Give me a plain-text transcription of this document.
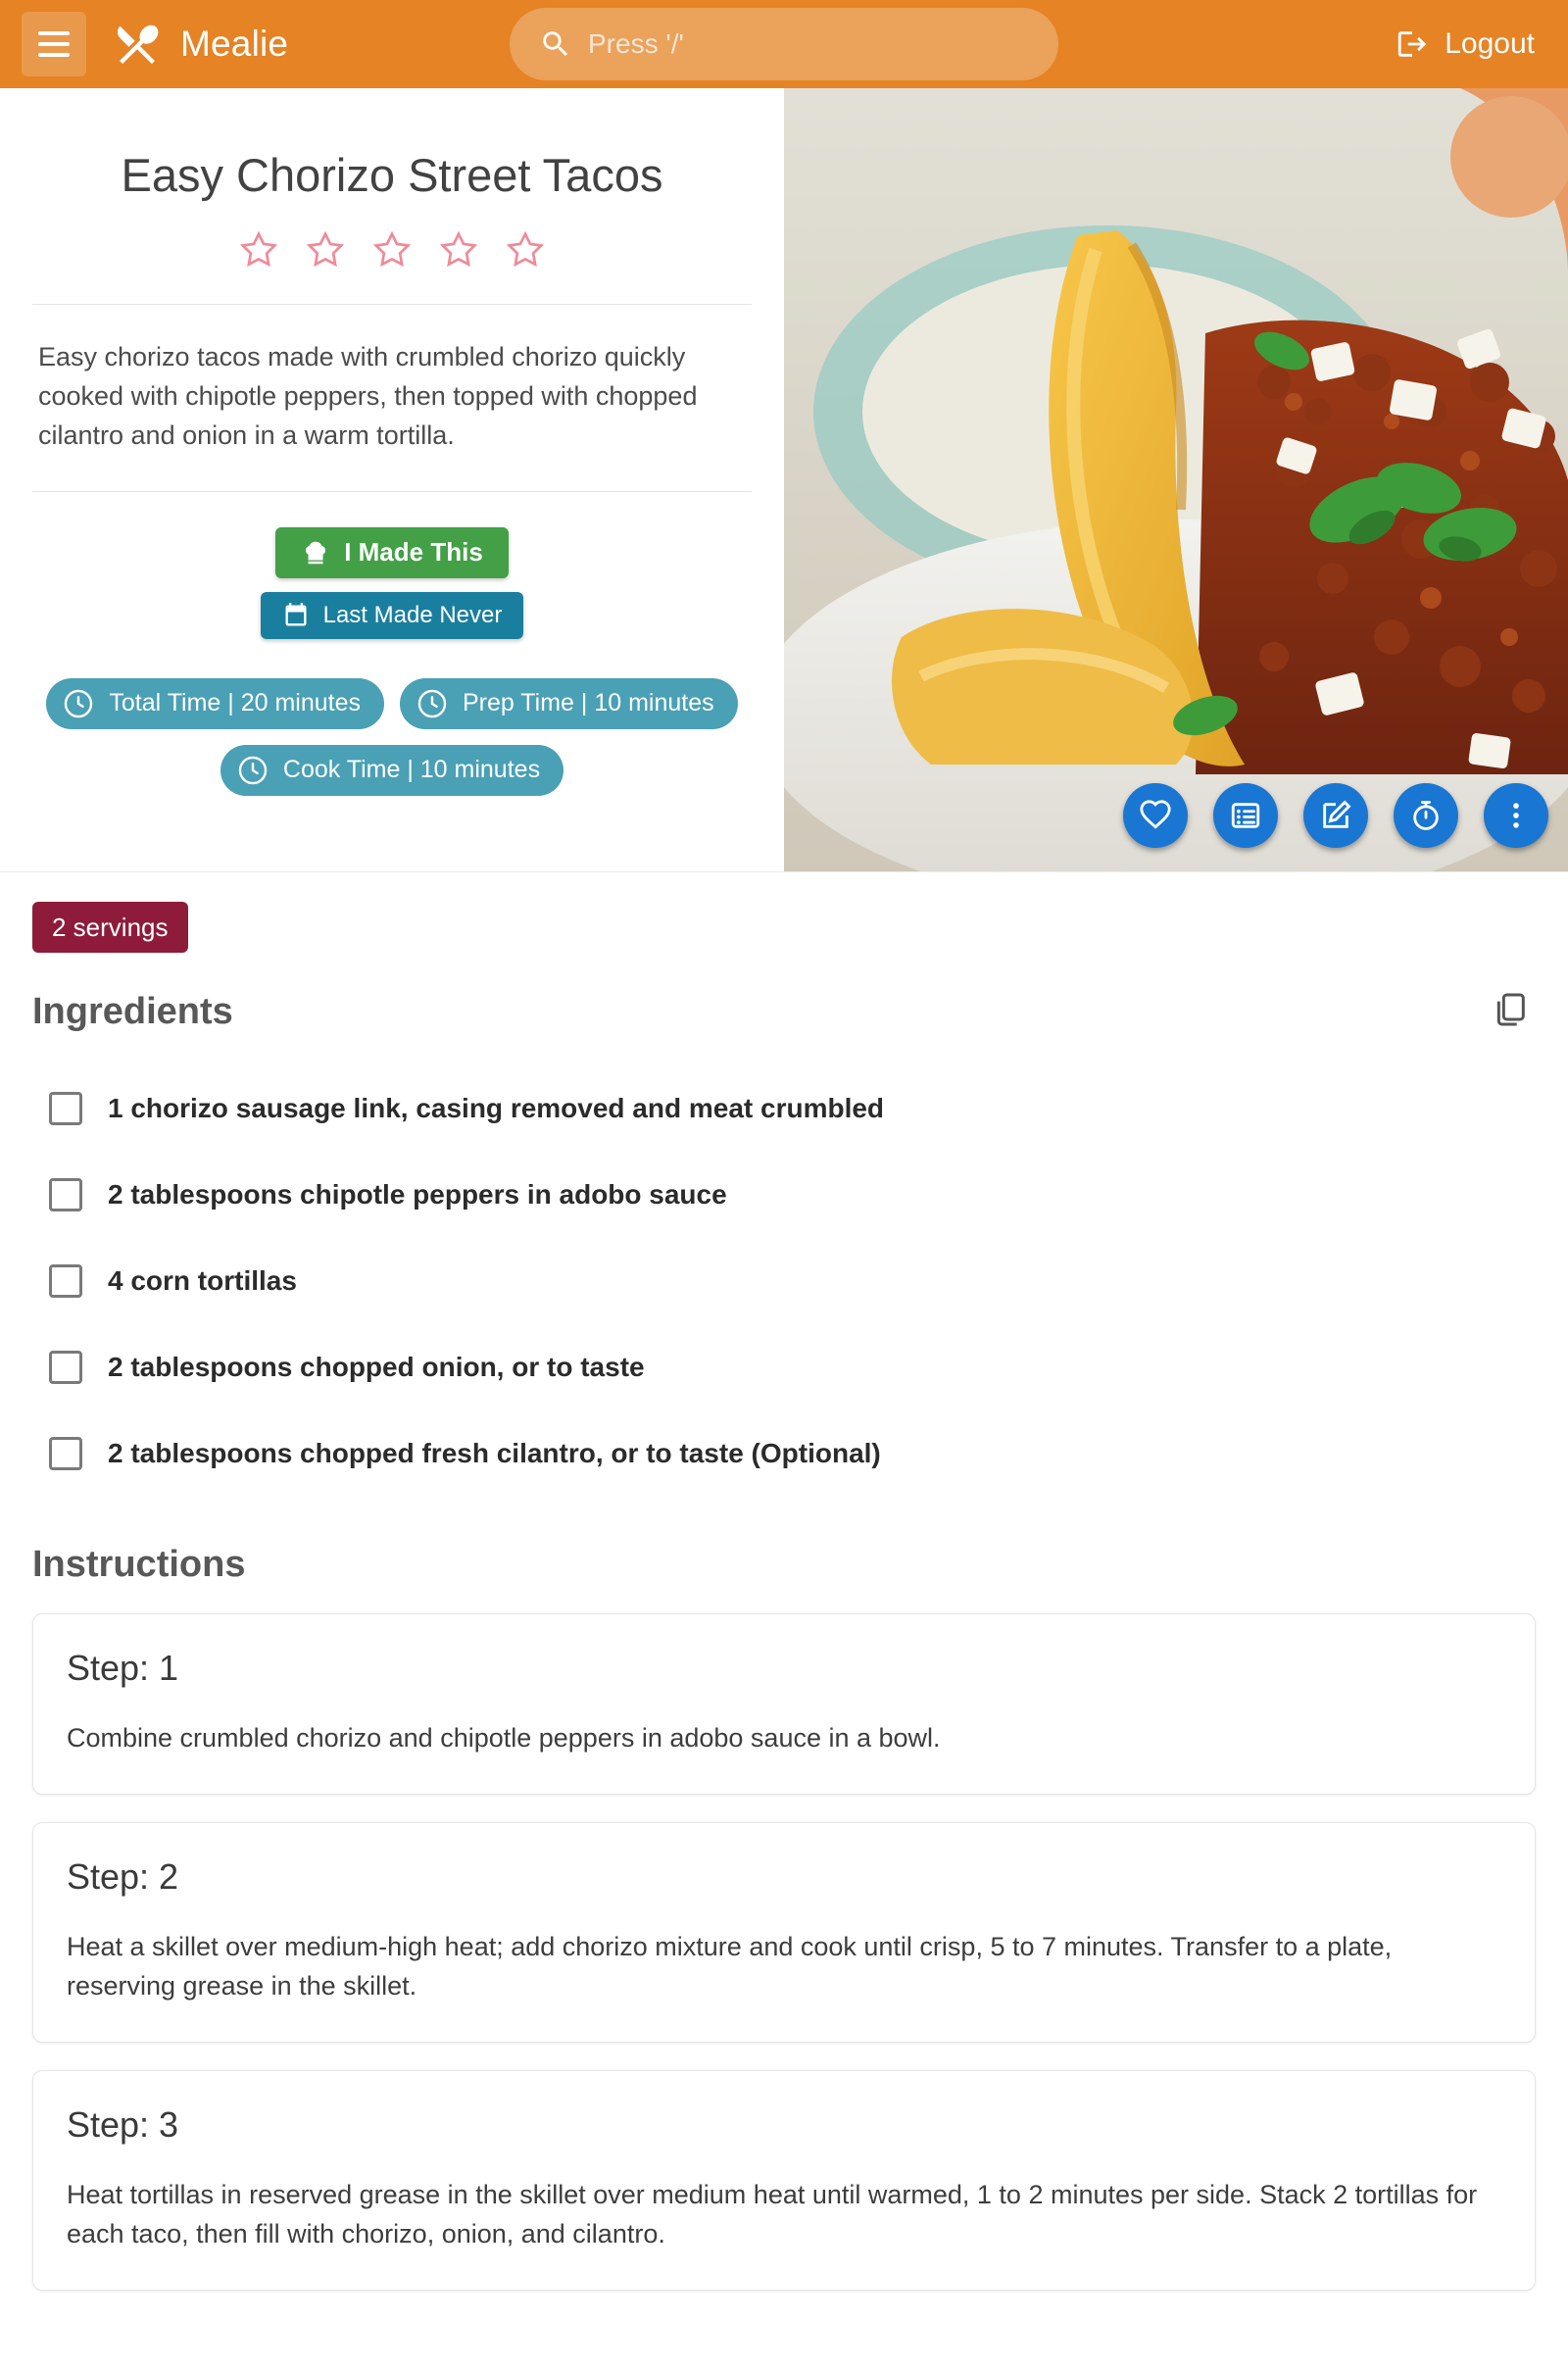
Mealie	Press '/'	Logout
Easy Chorizo Street Tacos
Easy chorizo tacos made with crumbled chorizo quickly cooked with chipotle peppers, then topped with chopped cilantro and onion in a warm tortilla.
I Made This
Last Made Never
Total Time | 20 minutes	Prep Time | 10 minutes
Cook Time | 10 minutes
2 servings
Ingredients
1 chorizo sausage link, casing removed and meat crumbled
2 tablespoons chipotle peppers in adobo sauce
4 corn tortillas
2 tablespoons chopped onion, or to taste
2 tablespoons chopped fresh cilantro, or to taste (Optional)
Instructions
Step: 1
Combine crumbled chorizo and chipotle peppers in adobo sauce in a bowl.
Step: 2
Heat a skillet over medium-high heat; add chorizo mixture and cook until crisp, 5 to 7 minutes. Transfer to a plate, reserving grease in the skillet.
Step: 3
Heat tortillas in reserved grease in the skillet over medium heat until warmed, 1 to 2 minutes per side. Stack 2 tortillas for each taco, then fill with chorizo, onion, and cilantro.
